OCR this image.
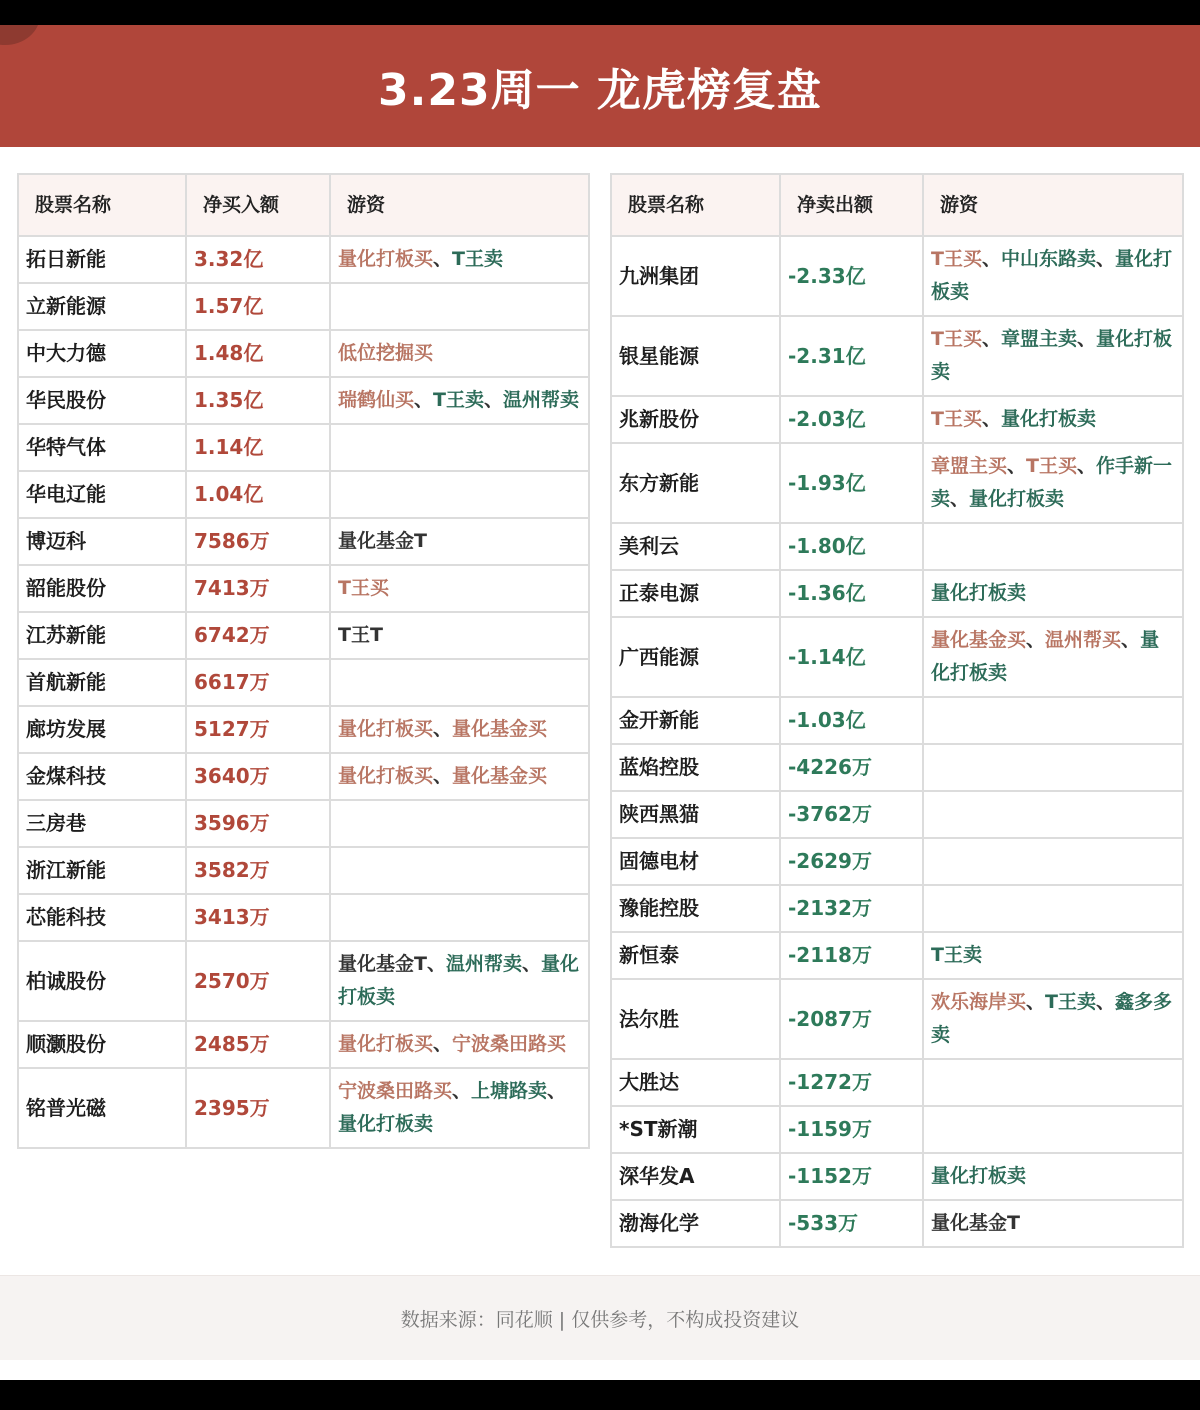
3.23周一 龙虎榜复盘
股票名称	净买入额	游资
拓日新能	3.32亿	量化打板买、T王卖
立新能源	1.57亿	
中大力德	1.48亿	低位挖掘买
华民股份	1.35亿	瑞鹤仙买、T王卖、温州帮卖
华特气体	1.14亿	
华电辽能	1.04亿	
博迈科	7586万	量化基金T
韶能股份	7413万	T王买
江苏新能	6742万	T王T
首航新能	6617万	
廊坊发展	5127万	量化打板买、量化基金买
金煤科技	3640万	量化打板买、量化基金买
三房巷	3596万	
浙江新能	3582万	
芯能科技	3413万	
柏诚股份	2570万	量化基金T、温州帮卖、量化打板卖
顺灏股份	2485万	量化打板买、宁波桑田路买
铭普光磁	2395万	宁波桑田路买、上塘路卖、量化打板卖
股票名称	净卖出额	游资
九洲集团	-2.33亿	T王买、中山东路卖、量化打板卖
银星能源	-2.31亿	T王买、章盟主卖、量化打板卖
兆新股份	-2.03亿	T王买、量化打板卖
东方新能	-1.93亿	章盟主买、T王买、作手新一卖、量化打板卖
美利云	-1.80亿	
正泰电源	-1.36亿	量化打板卖
广西能源	-1.14亿	量化基金买、温州帮买、量化打板卖
金开新能	-1.03亿	
蓝焰控股	-4226万	
陕西黑猫	-3762万	
固德电材	-2629万	
豫能控股	-2132万	
新恒泰	-2118万	T王卖
法尔胜	-2087万	欢乐海岸买、T王卖、鑫多多卖
大胜达	-1272万	
*ST新潮	-1159万	
深华发A	-1152万	量化打板卖
渤海化学	-533万	量化基金T
数据来源：同花顺 | 仅供参考，不构成投资建议
